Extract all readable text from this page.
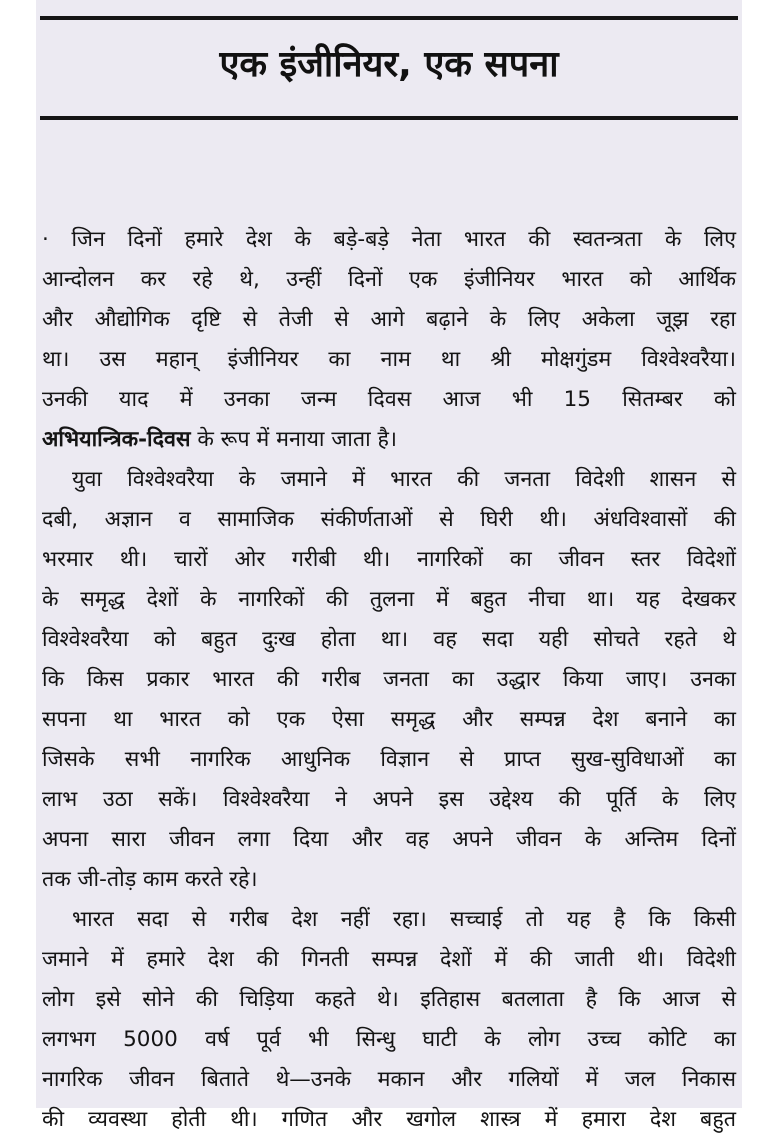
एक इंजीनियर, एक सपना
· जिन दिनों हमारे देश के बड़े-बड़े नेता भारत की स्वतन्त्रता के लिए
आन्दोलन कर रहे थे, उन्हीं दिनों एक इंजीनियर भारत को आर्थिक
और औद्योगिक दृष्टि से तेजी से आगे बढ़ाने के लिए अकेला जूझ रहा
था। उस महान् इंजीनियर का नाम था श्री मोक्षगुंडम विश्वेश्वरैया।
उनकी याद में उनका जन्म दिवस आज भी 15 सितम्बर को
अभियान्त्रिक-दिवस के रूप में मनाया जाता है।
युवा विश्वेश्वरैया के जमाने में भारत की जनता विदेशी शासन से
दबी, अज्ञान व सामाजिक संकीर्णताओं से घिरी थी। अंधविश्वासों की
भरमार थी। चारों ओर गरीबी थी। नागरिकों का जीवन स्तर विदेशों
के समृद्ध देशों के नागरिकों की तुलना में बहुत नीचा था। यह देखकर
विश्वेश्वरैया को बहुत दुःख होता था। वह सदा यही सोचते रहते थे
कि किस प्रकार भारत की गरीब जनता का उद्धार किया जाए। उनका
सपना था भारत को एक ऐसा समृद्ध और सम्पन्न देश बनाने का
जिसके सभी नागरिक आधुनिक विज्ञान से प्राप्त सुख-सुविधाओं का
लाभ उठा सकें। विश्वेश्वरैया ने अपने इस उद्देश्य की पूर्ति के लिए
अपना सारा जीवन लगा दिया और वह अपने जीवन के अन्तिम दिनों
तक जी-तोड़ काम करते रहे।
भारत सदा से गरीब देश नहीं रहा। सच्चाई तो यह है कि किसी
जमाने में हमारे देश की गिनती सम्पन्न देशों में की जाती थी। विदेशी
लोग इसे सोने की चिड़िया कहते थे। इतिहास बतलाता है कि आज से
लगभग 5000 वर्ष पूर्व भी सिन्धु घाटी के लोग उच्च कोटि का
नागरिक जीवन बिताते थे—उनके मकान और गलियों में जल निकास
की व्यवस्था होती थी। गणित और खगोल शास्त्र में हमारा देश बहुत
